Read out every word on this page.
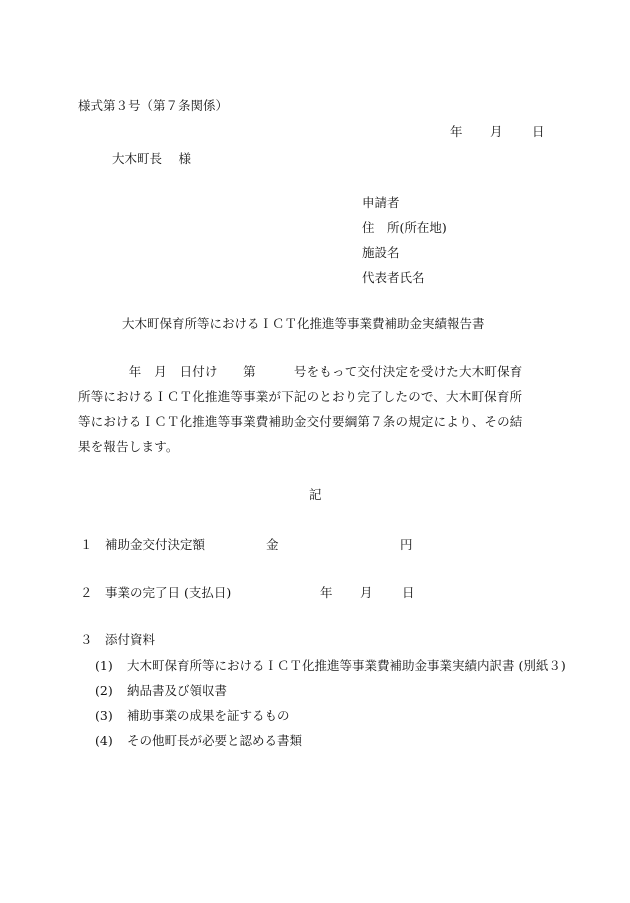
様式第３号（第７条関係）
年 月 日
大木町長　 様
申請者
住　所(所在地)
施設名
代表者氏名
大木町保育所等におけるＩＣＴ化推進等事業費補助金実績報告書
　　　　年　月　日付け　　第　　　号をもって交付決定を受けた大木町保育
所等におけるＩＣＴ化推進等事業が下記のとおり完了したので、大木町保育所
等におけるＩＣＴ化推進等事業費補助金交付要綱第７条の規定により、その結
果を報告します。
記
１ 補助金交付決定額	金	円
２ 事業の完了日 (支払日)	年 月 日
３ 添付資料
(1) 大木町保育所等におけるＩＣＴ化推進等事業費補助金事業実績内訳書 (別紙３)
(2) 納品書及び領収書
(3) 補助事業の成果を証するもの
(4) その他町長が必要と認める書類
